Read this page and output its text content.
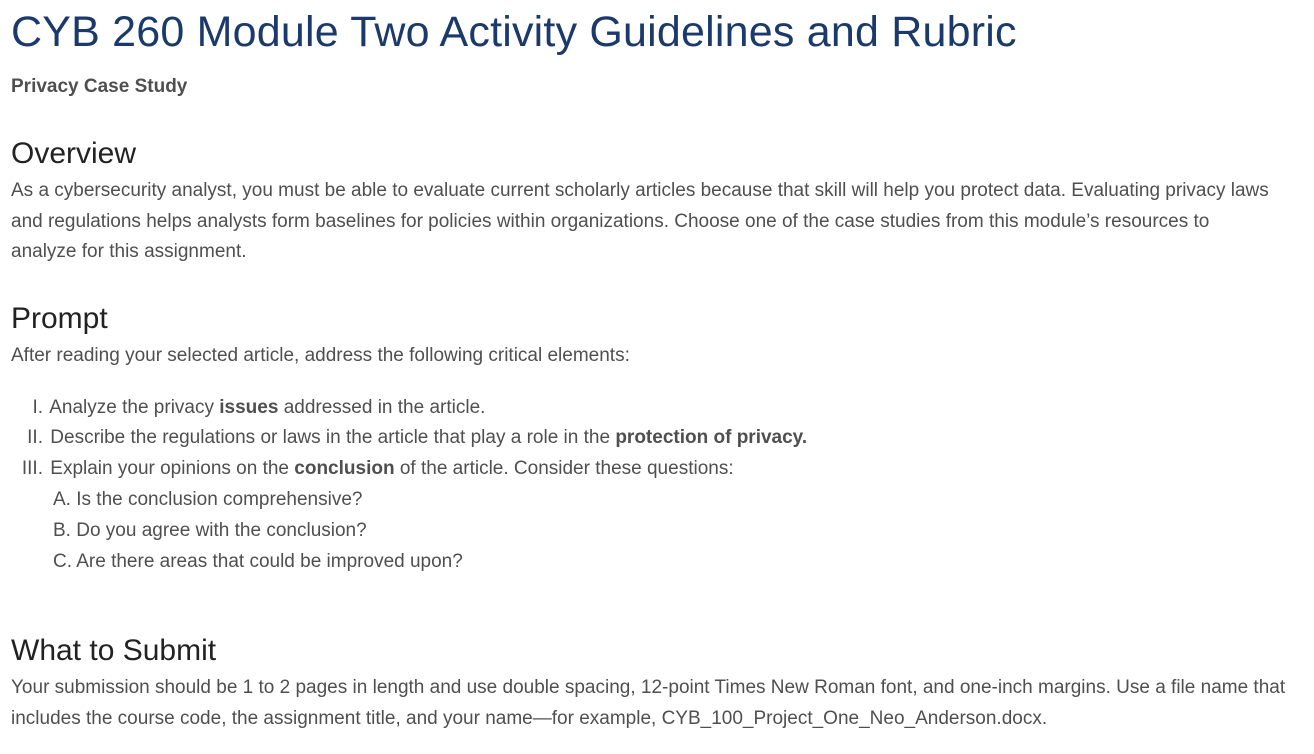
CYB 260 Module Two Activity Guidelines and Rubric
Privacy Case Study
Overview

As a cybersecurity analyst, you must be able to evaluate current scholarly articles because that skill will help you protect data. Evaluating privacy laws and regulations helps analysts form baselines for policies within organizations. Choose one of the case studies from this module’s resources to analyze for this assignment.

Prompt

After reading your selected article, address the following critical elements:

I. Analyze the privacy issues addressed in the article.
II. Describe the regulations or laws in the article that play a role in the protection of privacy.
III. Explain your opinions on the conclusion of the article. Consider these questions:
A. Is the conclusion comprehensive?
B. Do you agree with the conclusion?
C. Are there areas that could be improved upon?
What to Submit

Your submission should be 1 to 2 pages in length and use double spacing, 12-point Times New Roman font, and one-inch margins. Use a file name that includes the course code, the assignment title, and your name—for example, CYB_100_Project_One_Neo_Anderson.docx.
